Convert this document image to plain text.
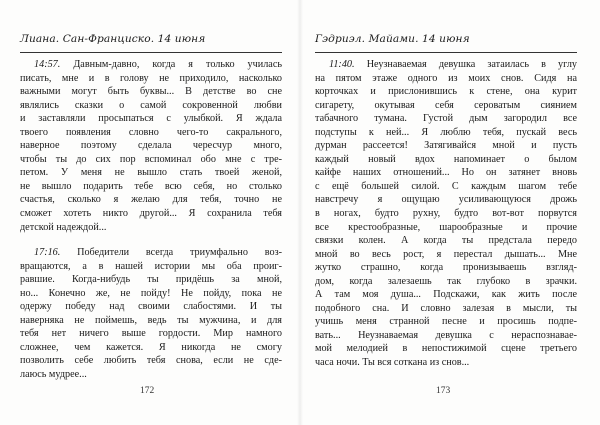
Лиана. Сан-Франциско. 14 июня
14:57. Давным-давно, когда я только училась
писать, мне и в голову не приходило, насколько
важными могут быть буквы... В детстве во сне
являлись сказки о самой сокровенной любви
и заставляли просыпаться с улыбкой. Я ждала
твоего появления словно чего-то сакрального,
наверное поэтому сделала чересчур много,
чтобы ты до сих пор вспоминал обо мне с тре-
петом. У меня не вышло стать твоей женой,
не вышло подарить тебе всю себя, но столько
счастья, сколько я желаю для тебя, точно не
сможет хотеть никто другой... Я сохранила тебя
детской надеждой...
17:16. Победители всегда триумфально воз-
вращаются, а в нашей истории мы оба проиг-
равшие. Когда-нибудь ты придёшь за мной,
но... Конечно же, не пойду! Не пойду, пока не
одержу победу над своими слабостями. И ты
наверняка не поймешь, ведь ты мужчина, и для
тебя нет ничего выше гордости. Мир намного
сложнее, чем кажется. Я никогда не смогу
позволить себе любить тебя снова, если не сде-
лаюсь мудрее...
172
Гэдриэл. Майами. 14 июня
11:40. Неузнаваемая девушка затаилась в углу
на пятом этаже одного из моих снов. Сидя на
корточках и прислонившись к стене, она курит
сигарету, окутывая себя сероватым сиянием
табачного тумана. Густой дым загородил все
подступы к ней... Я люблю тебя, пускай весь
дурман рассеется! Затягивайся мной и пусть
каждый новый вдох напоминает о былом
кайфе наших отношений... Но он затянет вновь
с ещё большей силой. С каждым шагом тебе
навстречу я ощущаю усиливающуюся дрожь
в ногах, будто рухну, будто вот-вот порвутся
все крестообразные, шарообразные и прочие
связки колен. А когда ты предстала передо
мной во весь рост, я перестал дышать... Мне
жутко страшно, когда пронизываешь взгляд-
дом, когда залезаешь так глубоко в зрачки.
А там моя душа... Подскажи, как жить после
подобного сна. И словно залезая в мысли, ты
учишь меня странной песне и просишь подпе-
вать... Неузнаваемая девушка с нераспознавае-
мой мелодией в непостижимой сцене третьего
часа ночи. Ты вся соткана из снов...
173
